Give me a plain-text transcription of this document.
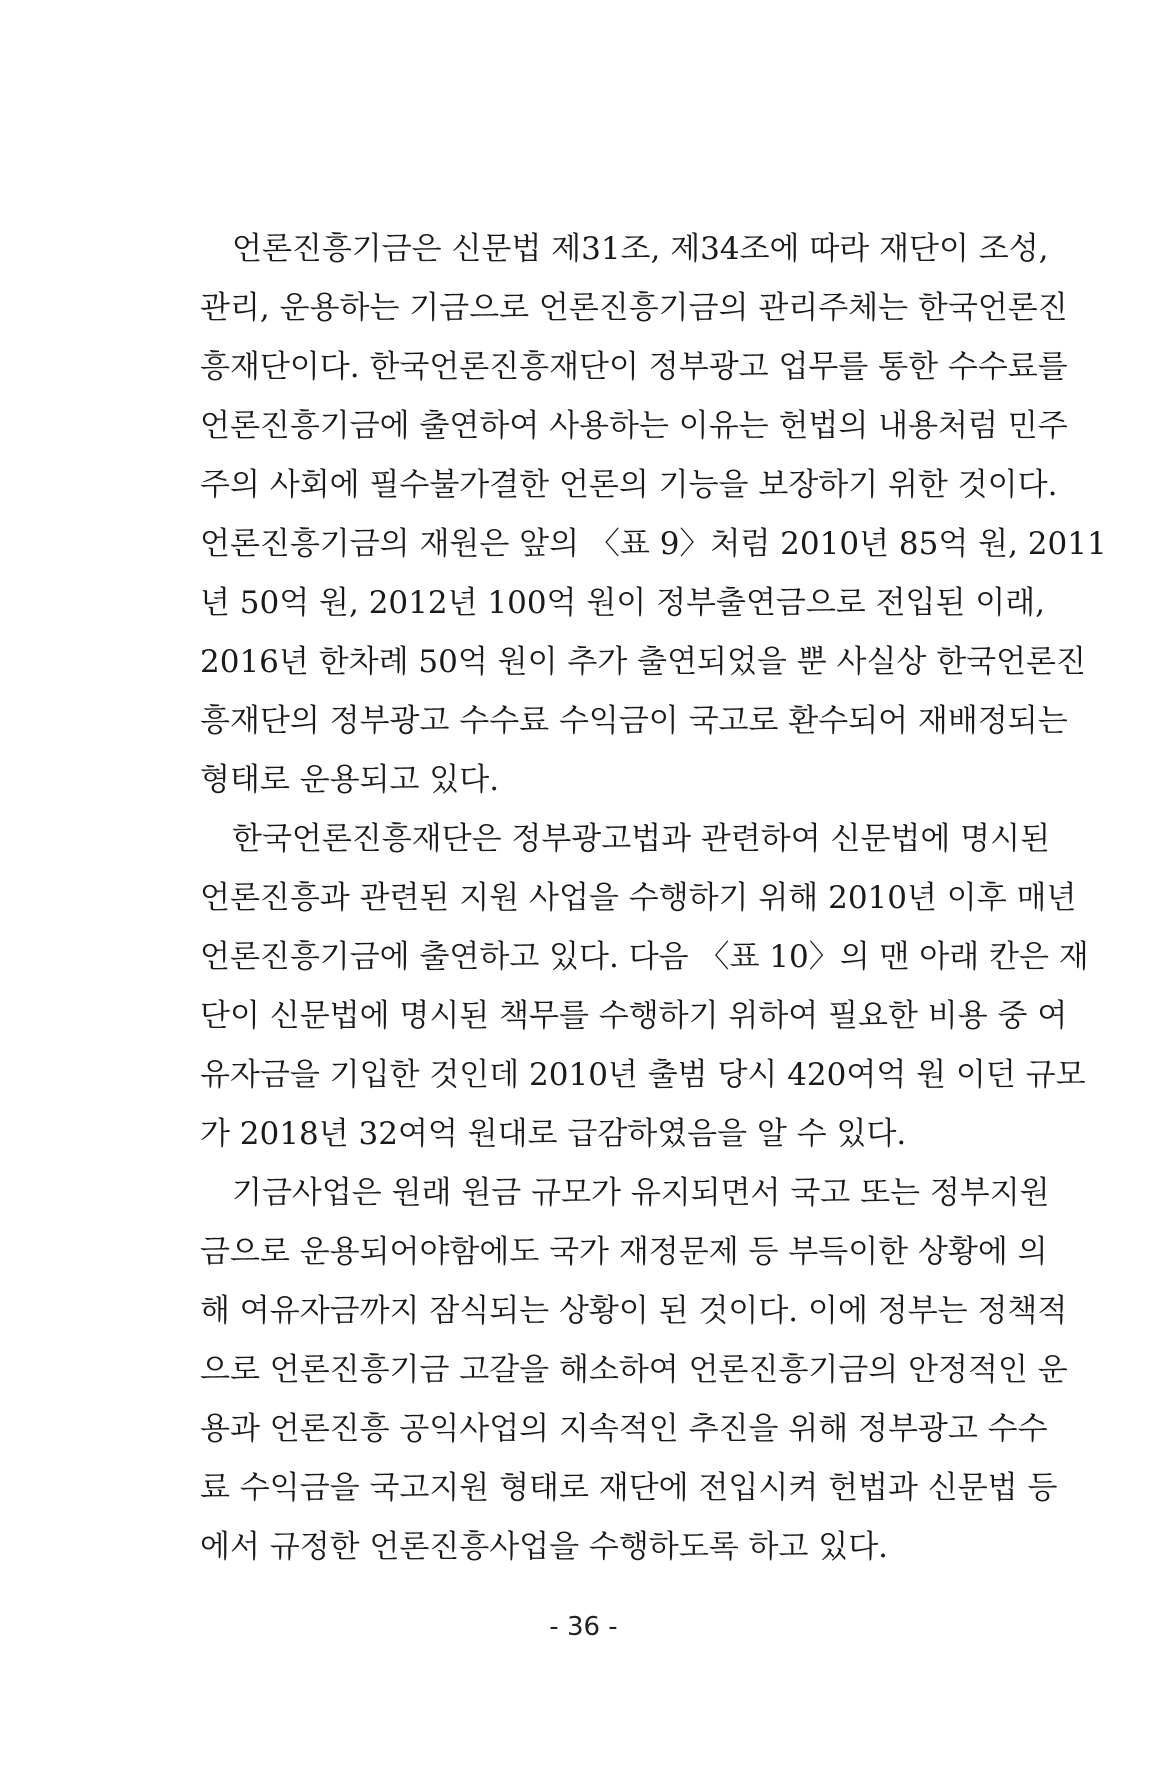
언론진흥기금은 신문법 제31조, 제34조에 따라 재단이 조성,
관리, 운용하는 기금으로 언론진흥기금의 관리주체는 한국언론진
흥재단이다. 한국언론진흥재단이 정부광고 업무를 통한 수수료를
언론진흥기금에 출연하여 사용하는 이유는 헌법의 내용처럼 민주
주의 사회에 필수불가결한 언론의 기능을 보장하기 위한 것이다.
언론진흥기금의 재원은 앞의 〈표 9〉처럼 2010년 85억 원, 2011
년 50억 원, 2012년 100억 원이 정부출연금으로 전입된 이래,
2016년 한차례 50억 원이 추가 출연되었을 뿐 사실상 한국언론진
흥재단의 정부광고 수수료 수익금이 국고로 환수되어 재배정되는
형태로 운용되고 있다.
한국언론진흥재단은 정부광고법과 관련하여 신문법에 명시된
언론진흥과 관련된 지원 사업을 수행하기 위해 2010년 이후 매년
언론진흥기금에 출연하고 있다. 다음 〈표 10〉의 맨 아래 칸은 재
단이 신문법에 명시된 책무를 수행하기 위하여 필요한 비용 중 여
유자금을 기입한 것인데 2010년 출범 당시 420여억 원 이던 규모
가 2018년 32여억 원대로 급감하였음을 알 수 있다.
기금사업은 원래 원금 규모가 유지되면서 국고 또는 정부지원
금으로 운용되어야함에도 국가 재정문제 등 부득이한 상황에 의
해 여유자금까지 잠식되는 상황이 된 것이다. 이에 정부는 정책적
으로 언론진흥기금 고갈을 해소하여 언론진흥기금의 안정적인 운
용과 언론진흥 공익사업의 지속적인 추진을 위해 정부광고 수수
료 수익금을 국고지원 형태로 재단에 전입시켜 헌법과 신문법 등
에서 규정한 언론진흥사업을 수행하도록 하고 있다.
- 36 -
